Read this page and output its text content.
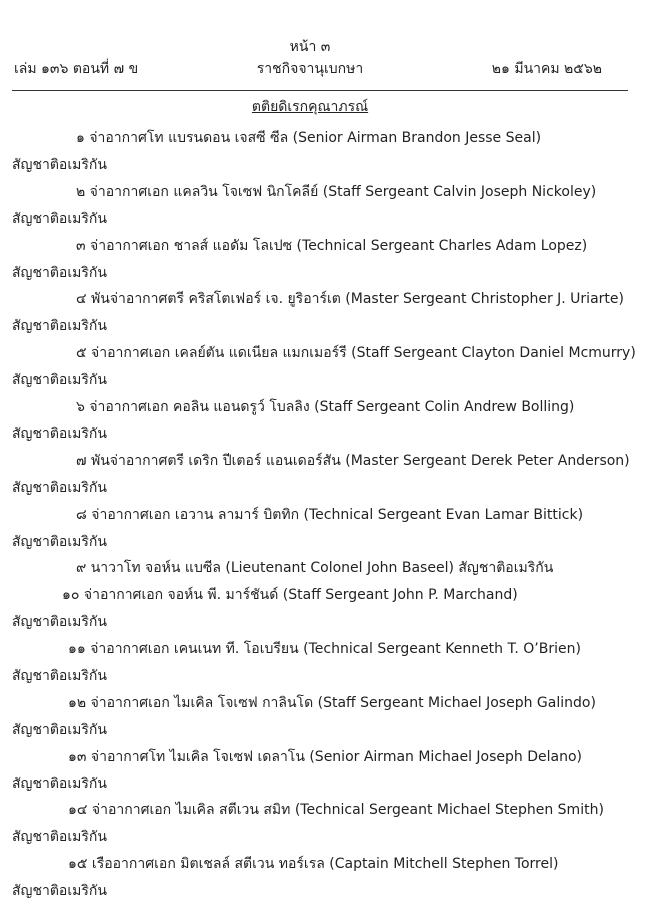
หน้า ๓
เล่ม ๑๓๖ ตอนที่ ๗ ข	ราชกิจจานุเบกษา	๒๑ มีนาคม ๒๕๖๒
ตติยดิเรกคุณาภรณ์
๑ จ่าอากาศโท แบรนดอน เจสซี ซีล (Senior Airman Brandon Jesse Seal)
สัญชาติอเมริกัน
๒ จ่าอากาศเอก แคลวิน โจเซฟ นิกโคลีย์ (Staff Sergeant Calvin Joseph Nickoley)
สัญชาติอเมริกัน
๓ จ่าอากาศเอก ชาลส์ แอดัม โลเปซ (Technical Sergeant Charles Adam Lopez)
สัญชาติอเมริกัน
๔ พันจ่าอากาศตรี คริสโตเฟอร์ เจ. ยูริอาร์เต (Master Sergeant Christopher J. Uriarte)
สัญชาติอเมริกัน
๕ จ่าอากาศเอก เคลย์ตัน แดเนียล แมกเมอร์รี (Staff Sergeant Clayton Daniel Mcmurry)
สัญชาติอเมริกัน
๖ จ่าอากาศเอก คอลิน แอนดรูว์ โบลลิง (Staff Sergeant Colin Andrew Bolling)
สัญชาติอเมริกัน
๗ พันจ่าอากาศตรี เดริก ปีเตอร์ แอนเดอร์สัน (Master Sergeant Derek Peter Anderson)
สัญชาติอเมริกัน
๘ จ่าอากาศเอก เอวาน ลามาร์ บิตทิก (Technical Sergeant Evan Lamar Bittick)
สัญชาติอเมริกัน
๙ นาวาโท จอห์น แบซีล (Lieutenant Colonel John Baseel) สัญชาติอเมริกัน
๑๐ จ่าอากาศเอก จอห์น พี. มาร์ชันด์ (Staff Sergeant John P. Marchand)
สัญชาติอเมริกัน
๑๑ จ่าอากาศเอก เคนเนท ที. โอเบรียน (Technical Sergeant Kenneth T. O’Brien)
สัญชาติอเมริกัน
๑๒ จ่าอากาศเอก ไมเคิล โจเซฟ กาลินโด (Staff Sergeant Michael Joseph Galindo)
สัญชาติอเมริกัน
๑๓ จ่าอากาศโท ไมเคิล โจเซฟ เดลาโน (Senior Airman Michael Joseph Delano)
สัญชาติอเมริกัน
๑๔ จ่าอากาศเอก ไมเคิล สตีเวน สมิท (Technical Sergeant Michael Stephen Smith)
สัญชาติอเมริกัน
๑๕ เรืออากาศเอก มิตเชลล์ สตีเวน ทอร์เรล (Captain Mitchell Stephen Torrel)
สัญชาติอเมริกัน
